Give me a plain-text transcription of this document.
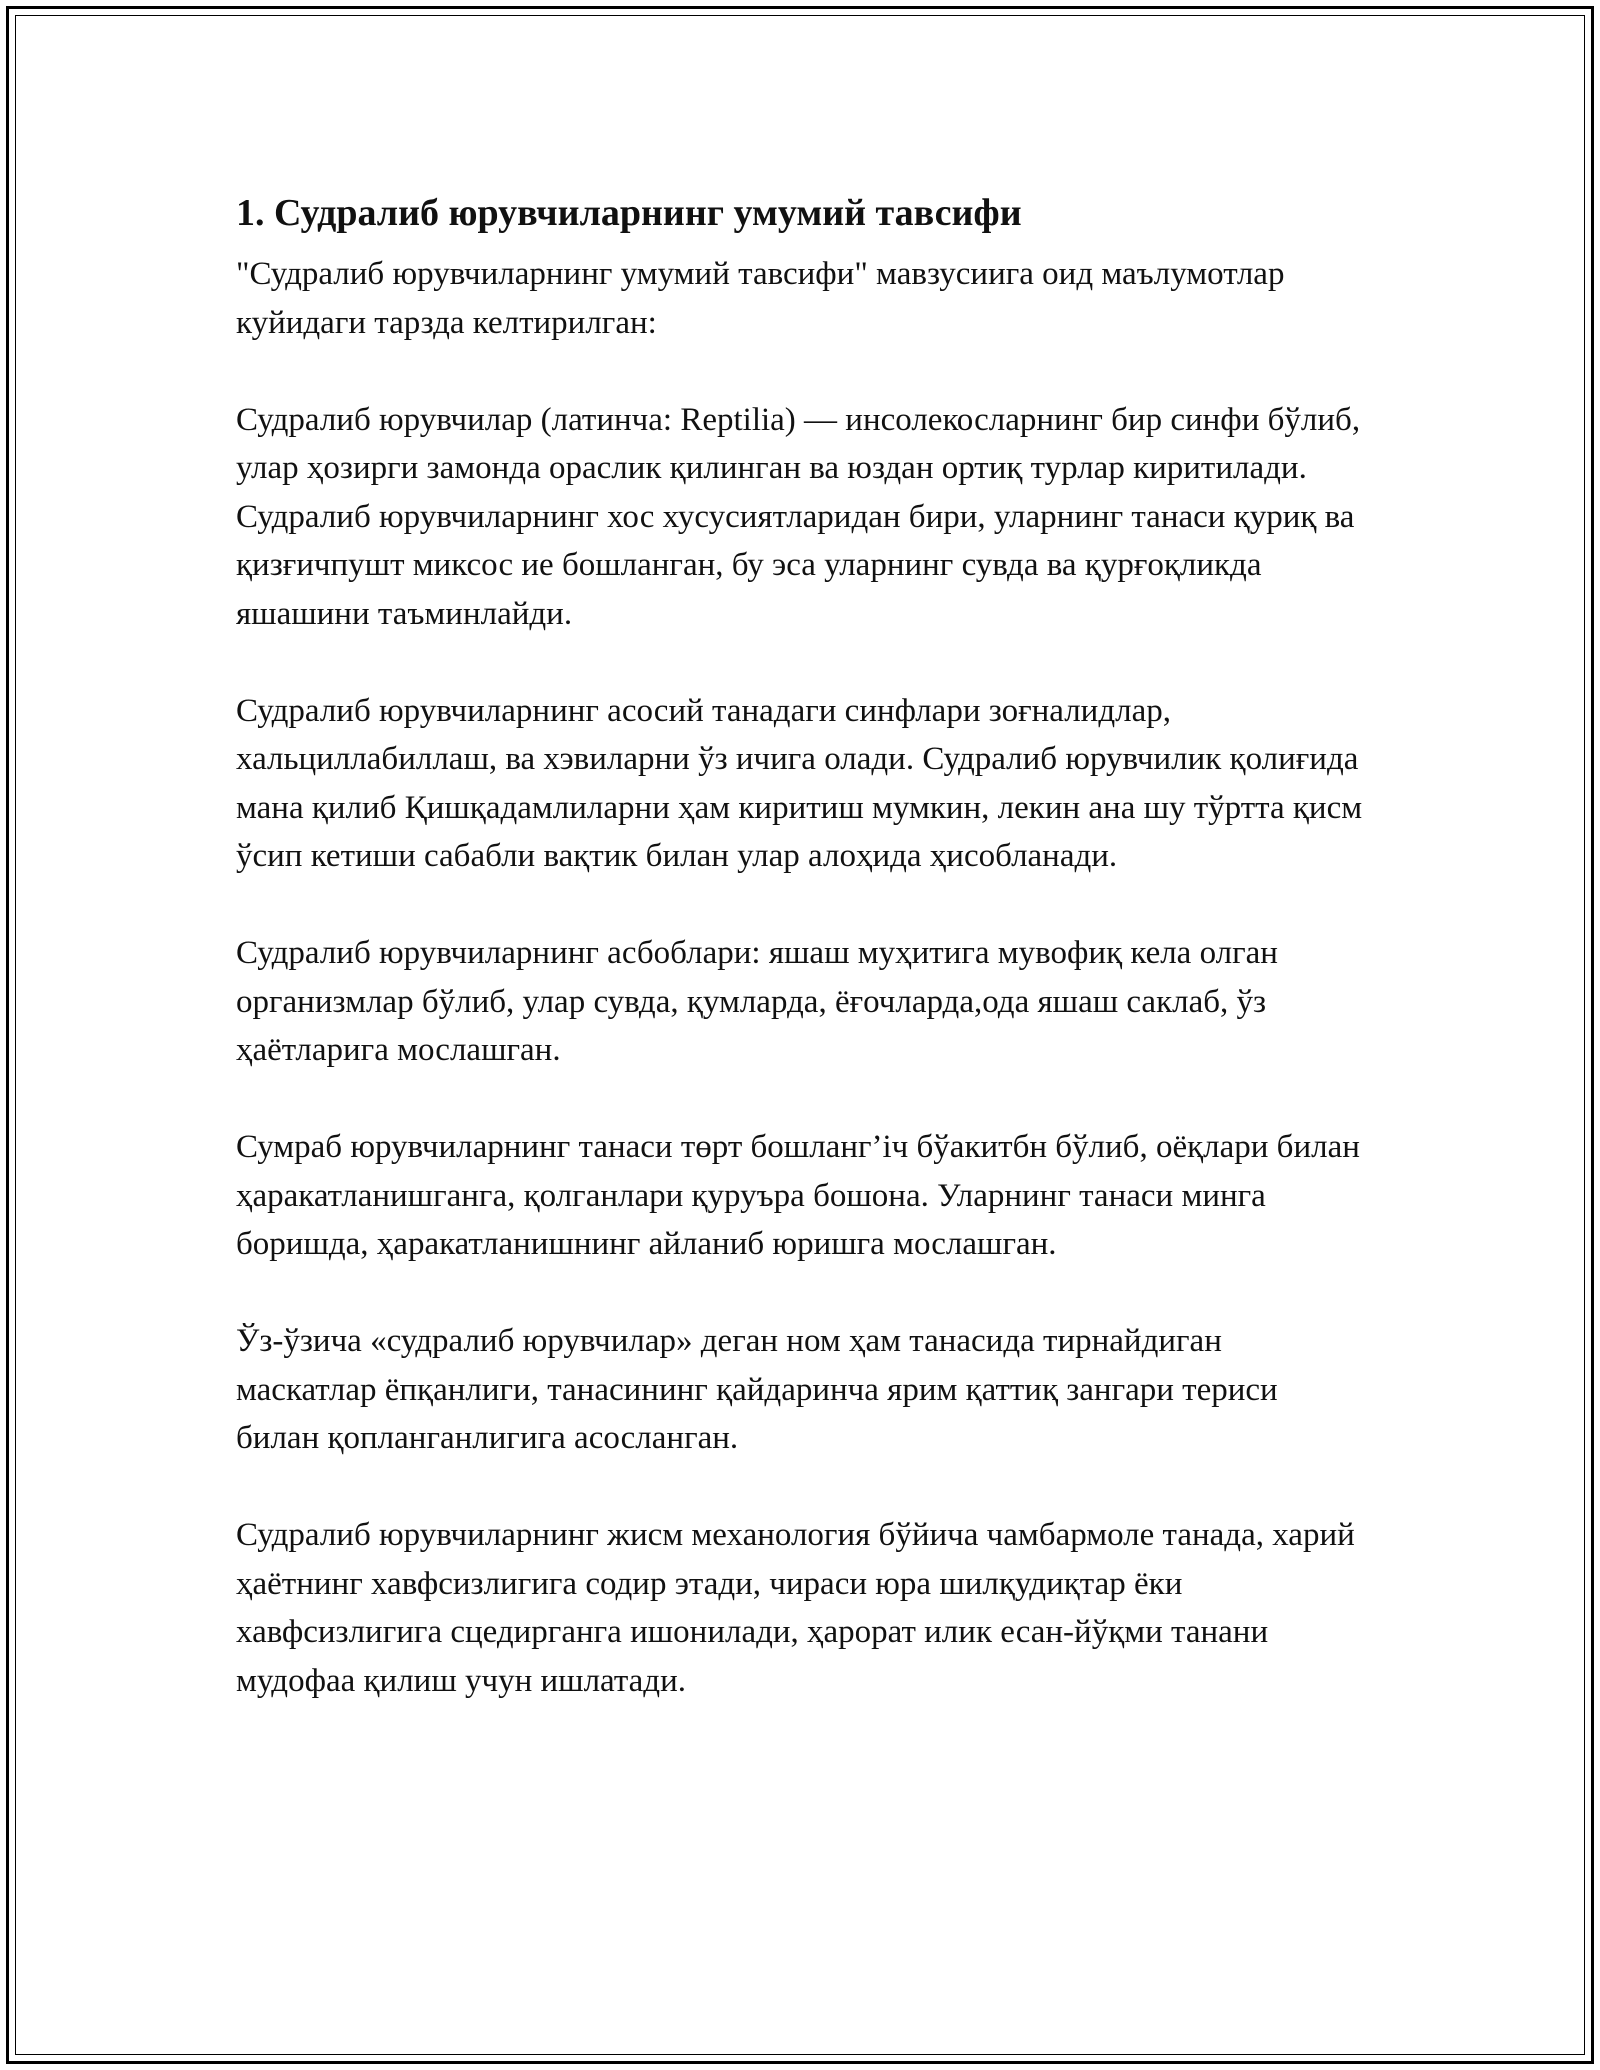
1. Судралиб юрувчиларнинг умумий тавсифи

"Судралиб юрувчиларнинг умумий тавсифи" мавзусиига оид маълумотлар куйидаги тарзда келтирилган:

Судралиб юрувчилар (латинча: Reptilia) — инсолекосларнинг бир синфи бўлиб, улар ҳозирги замонда ораслик қилинган ва юздан ортиқ турлар киритилади. Судралиб юрувчиларнинг хос хусусиятларидан бири, уларнинг танаси қуриқ ва қизғичпушт миксос ие бошланган, бу эса уларнинг сувда ва қурғоқликда яшашини таъминлайди.

Судралиб юрувчиларнинг асосий танадаги синфлари зоғналидлар, хальциллабиллаш, ва хэвиларни ўз ичига олади. Судралиб юрувчилик қолиғида мана қилиб Қишқадамлиларни ҳам киритиш мумкин, лекин ана шу тўртта қисм ўсип кетиши сабабли вақтик билан улар алоҳида ҳисобланади.

Судралиб юрувчиларнинг асбоблари: яшаш муҳитига мувофиқ кела олган организмлар бўлиб, улар сувда, қумларда, ёғочларда,ода яшаш саклаб, ўз ҳаётларига мослашган.

Сумраб юрувчиларнинг танаси төрт бошланг’іч бўакитбн бўлиб, оёқлари билан ҳаракатланишганга, қолганлари қуруъра бошона. Уларнинг танаси минга боришда, ҳаракатланишнинг айланиб юришга мослашган.

Ўз-ўзича «судралиб юрувчилар» деган ном ҳам танасида тирнайдиган маскатлар ёпқанлиги, танасининг қайдаринча ярим қаттиқ зангари териси билан қопланганлигига асосланган.

Судралиб юрувчиларнинг жисм механология бўйича чамбармоле танада, харий ҳаётнинг хавфсизлигига содир этади, чираси юра шилқудиқтар ёки хавфсизлигига сцедирганга ишонилади, ҳарорат илик есан-йўқми танани мудофаа қилиш учун ишлатади.
